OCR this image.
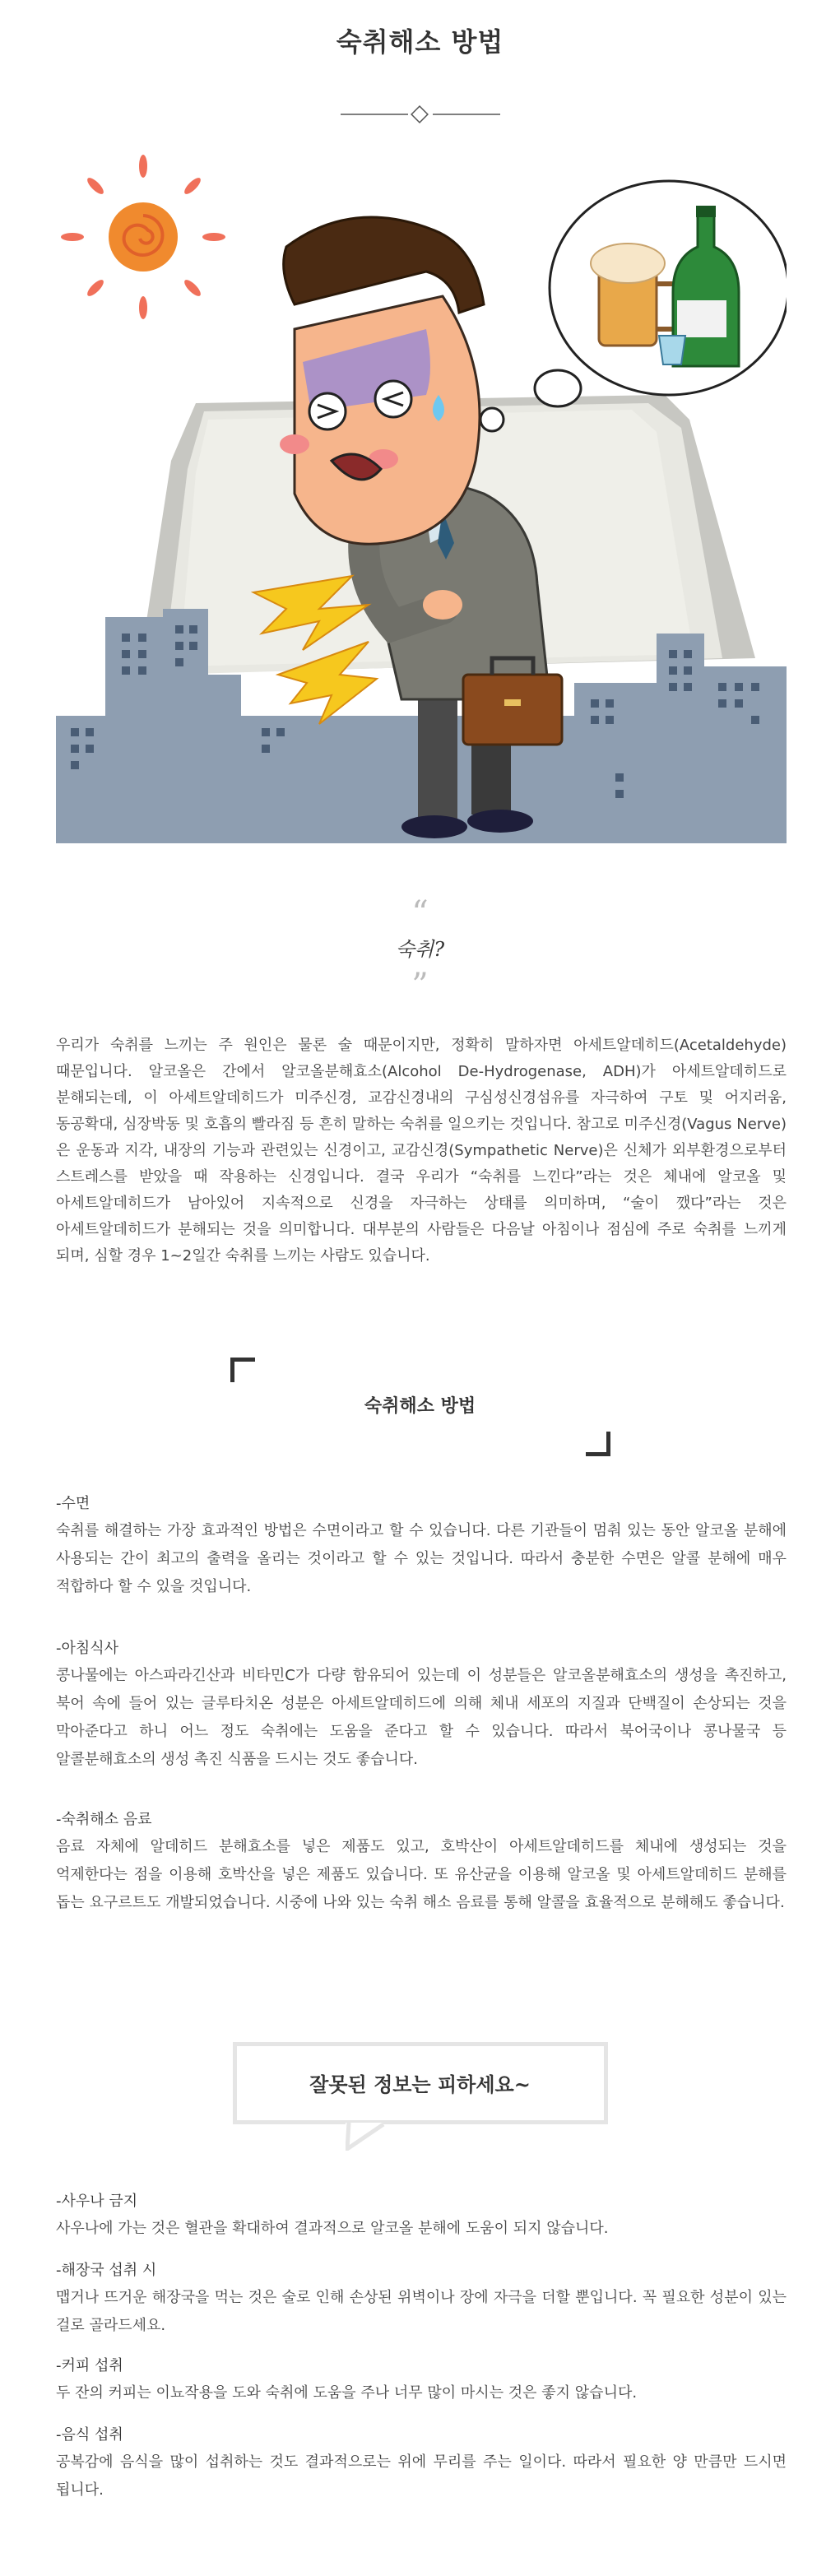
숙취해소 방법
“
숙취?
”

우리가 숙취를 느끼는 주 원인은 물론 술 때문이지만, 정확히 말하자면 아세트알데히드(Acetaldehyde) 때문입니다. 알코올은 간에서 알코올분해효소(Alcohol De-Hydrogenase, ADH)가 아세트알데히드로 분해되는데, 이 아세트알데히드가 미주신경, 교감신경내의 구심성신경섬유를 자극하여 구토 및 어지러움, 동공확대, 심장박동 및 호흡의 빨라짐 등 흔히 말하는 숙취를 일으키는 것입니다. 참고로 미주신경(Vagus Nerve)은 운동과 지각, 내장의 기능과 관련있는 신경이고, 교감신경(Sympathetic Nerve)은 신체가 외부환경으로부터 스트레스를 받았을 때 작용하는 신경입니다. 결국 우리가 “숙취를 느낀다”라는 것은 체내에 알코올 및 아세트알데히드가 남아있어 지속적으로 신경을 자극하는 상태를 의미하며, “술이 깼다”라는 것은 아세트알데히드가 분해되는 것을 의미합니다. 대부분의 사람들은 다음날 아침이나 점심에 주로 숙취를 느끼게 되며, 심할 경우 1~2일간 숙취를 느끼는 사람도 있습니다.

숙취해소 방법
-수면
숙취를 해결하는 가장 효과적인 방법은 수면이라고 할 수 있습니다. 다른 기관들이 멈춰 있는 동안 알코올 분해에 사용되는 간이 최고의 출력을 올리는 것이라고 할 수 있는 것입니다. 따라서 충분한 수면은 알콜 분해에 매우 적합하다 할 수 있을 것입니다.
-아침식사
콩나물에는 아스파라긴산과 비타민C가 다량 함유되어 있는데 이 성분들은 알코올분해효소의 생성을 촉진하고, 북어 속에 들어 있는 글루타치온 성분은 아세트알데히드에 의해 체내 세포의 지질과 단백질이 손상되는 것을 막아준다고 하니 어느 정도 숙취에는 도움을 준다고 할 수 있습니다. 따라서 북어국이나 콩나물국 등 알콜분해효소의 생성 촉진 식품을 드시는 것도 좋습니다.
-숙취해소 음료
음료 자체에 알데히드 분해효소를 넣은 제품도 있고, 호박산이 아세트알데히드를 체내에 생성되는 것을 억제한다는 점을 이용해 호박산을 넣은 제품도 있습니다. 또 유산균을 이용해 알코올 및 아세트알데히드 분해를 돕는 요구르트도 개발되었습니다. 시중에 나와 있는 숙취 해소 음료를 통해 알콜을 효율적으로 분해해도 좋습니다.
잘못된 정보는 피하세요~
-사우나 금지
사우나에 가는 것은 혈관을 확대하여 결과적으로 알코올 분해에 도움이 되지 않습니다.
-해장국 섭취 시
맵거나 뜨거운 해장국을 먹는 것은 술로 인해 손상된 위벽이나 장에 자극을 더할 뿐입니다. 꼭 필요한 성분이 있는 걸로 골라드세요.
-커피 섭취
두 잔의 커피는 이뇨작용을 도와 숙취에 도움을 주나 너무 많이 마시는 것은 좋지 않습니다.
-음식 섭취
공복감에 음식을 많이 섭취하는 것도 결과적으로는 위에 무리를 주는 일이다. 따라서 필요한 양 만큼만 드시면 됩니다.
